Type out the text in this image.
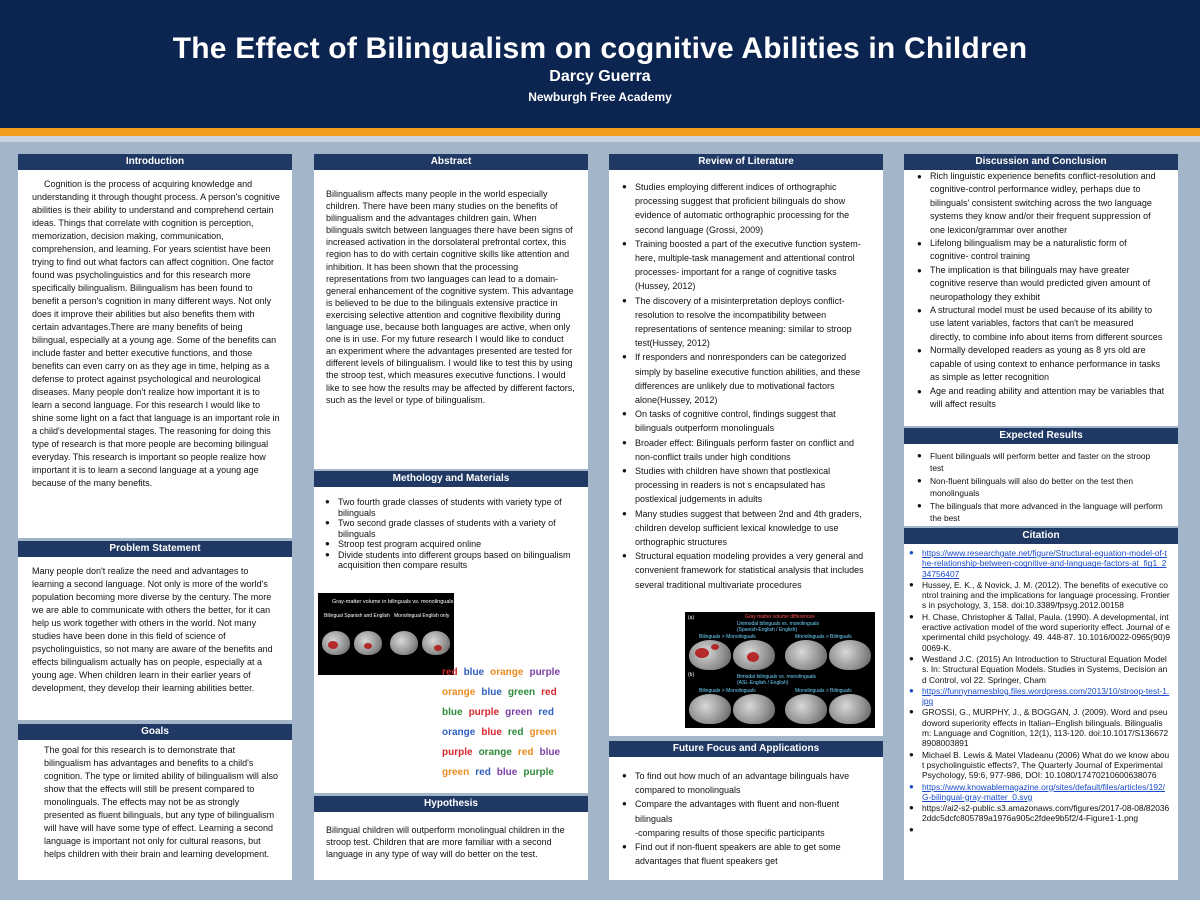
The Effect of Bilingualism on cognitive Abilities in Children
Darcy Guerra
Newburgh Free Academy
Introduction
Cognition is the process of acquiring knowledge and understanding it through thought process. A person's cognitive abilities is their ability to understand and comprehend certain ideas. Things that correlate with cognition is perception, memorization, decision making, communication, comprehension, and learning. For years scientist have been trying to find out what factors can affect cognition. One factor found was psycholinguistics and for this research more specifically bilingualism. Bilingualism has been found to benefit a person's cognition in many different ways. Not only does it improve their abilities but also benefits them with certain advantages.There are many benefits of being bilingual, especially at a young age. Some of the benefits can include faster and better executive functions, and those benefits can even carry on as they age in time, helping as a defense to protect against psychological and neurological diseases. Many people don't realize how important it is to learn a second language. For this research I would like to shine some light on a fact that language is an important role in a child's developmental stages. The reasoning for doing this type of research is that more people are becoming bilingual everyday. This research is important so people realize how important it is to learn a second language at a young age because of the many benefits.
Problem Statement
Many people don't realize the need and advantages to learning a second language. Not only is more of the world's population becoming more diverse by the century. The more we are able to communicate with others the better, for it can help us work together with others in the world. Not many studies have been done in this field of science of psycholinguistics, so not many are aware of the benefits and effects bilingualism actually has on people, especially at a young age. When children learn in their earlier years of development, they develop their learning abilities better.
Goals
The goal for this research is to demonstrate that bilingualism has advantages and benefits to a child's cognition. The type or limited ability of bilingualism will also show that the effects will still be present compared to monolinguals. The effects may not be as strongly presented as fluent bilinguals, but any type of bilingualism will have will have some type of effect. Learning a second language is important not only for cultural reasons, but helps children with their brain and learning development.
Abstract
Bilingualism affects many people in the world especially children. There have been many studies on the benefits of bilingualism and the advantages children gain. When bilinguals switch between languages there have been signs of increased activation in the dorsolateral prefrontal cortex, this region has to do with certain cognitive skills like attention and inhibition. It has been shown that the processing representations from two languages can lead to a domain-general enhancement of the cognitive system. This advantage is believed to be due to the bilinguals extensive practice in exercising selective attention and cognitive flexibility during language use, because both languages are active, when only one is in use. For my future research I would like to conduct an experiment where the advantages presented are tested for different levels of bilingualism. I would like to test this by using the stroop test, which measures executive functions. I would like to see how the results may be affected by different factors, such as the level or type of bilingualism.
Methology and Materials
● Two fourth grade classes of students with variety type of bilinguals
● Two second grade classes of students with a variety of bilinguals
● Stroop test program acquired online
● Divide students into different groups based on bilingualism acquisition then compare results
Gray-matter volume in bilinguals vs. monolinguals
Bilingual Spanish and English Monolingual English only
red blue orange purple
orange blue green red
blue purple green red
orange blue red green
purple orange red blue
green red blue purple
Hypothesis
Bilingual children will outperform monolingual children in the stroop test. Children that are more familiar with a second language in any type of way will do better on the test.
Review of Literature
● Studies employing different indices of orthographic processing suggest that proficient bilinguals do show evidence of automatic orthographic processing for the second language (Grossi, 2009)
● Training boosted a part of the executive function system- here, multiple-task management and attentional control processes- important for a range of cognitive tasks (Hussey, 2012)
● The discovery of a misinterpretation deploys conflict-resolution to resolve the incompatibility between representations of sentence meaning: similar to stroop test(Hussey, 2012)
● If responders and nonresponders can be categorized simply by baseline executive function abilities, and these differences are unlikely due to motivational factors alone(Hussey, 2012)
● On tasks of cognitive control, findings suggest that bilinguals outperform monolinguals
● Broader effect: Bilinguals perform faster on conflict and non-conflict trails under high conditions
● Studies with children have shown that postlexical processing in readers is not s encapsulated has postlexical judgements in adults
● Many studies suggest that between 2nd and 4th graders, children develop sufficient lexical knowledge to use orthographic structures
● Structural equation modeling provides a very general and convenient framework for statistical analysis that includes several traditional multivariate procedures
Gray matter volume differences
(a)
Unimodal bilinguals vs. monolinguals (Spanish-English / English)
Bilinguals > Monolinguals	Monolinguals > Bilinguals
(b)	Bimodal bilinguals vs. monolinguals (ASL-English / English)
Bilinguals > Monolinguals	Monolinguals > Bilinguals
Future Focus and Applications
● To find out how much of an advantage bilinguals have compared to monolinguals
● Compare the advantages with fluent and non-fluent bilinguals
-comparing results of those specific participants
● Find out if non-fluent speakers are able to get some advantages that fluent speakers get
Discussion and Conclusion
● Rich linguistic experience benefits conflict-resolution and cognitive-control performance widley, perhaps due to bilinguals' consistent switching across the two language systems they know and/or their frequent suppression of one lexicon/grammar over another
● Lifelong bilingualism may be a naturalistic form of cognitive- control training
● The implication is that bilinguals may have greater cognitive reserve than would predicted given amount of neuropathology they exhibit
● A structural model must be used because of its ability to use latent variables, factors that can't be measured directly, to combine info about items from different sources
● Normally developed readers as young as 8 yrs old are capable of using context to enhance performance in tasks as simple as letter recognition
● Age and reading ability and attention may be variables that will affect results
Expected Results
● Fluent bilinguals will perform better and faster on the stroop test
● Non-fluent bilinguals will also do better on the test then monolinguals
● The bilinguals that more advanced in the language will perform the best
Citation
● https://www.researchgate.net/figure/Structural-equation-model-of-the-relationship-between-cognitive-and-language-factors-at_fig1_234756407
● Hussey, E. K., & Novick, J. M. (2012). The benefits of executive control training and the implications for language processing. Frontiers in psychology, 3, 158. doi:10.3389/fpsyg.2012.00158
● H. Chase, Christopher & Tallal, Paula. (1990). A developmental, interactive activation model of the word superiority effect. Journal of experimental child psychology. 49. 448-87. 10.1016/0022-0965(90)90069-K.
● Westland J.C. (2015) An Introduction to Structural Equation Models. In: Structural Equation Models. Studies in Systems, Decision and Control, vol 22. Springer, Cham
● https://funnynamesblog.files.wordpress.com/2013/10/stroop-test-1.jpg
● GROSSI, G., MURPHY, J., & BOGGAN, J. (2009). Word and pseudoword superiority effects in Italian–English bilinguals. Bilingualism: Language and Cognition, 12(1), 113-120. doi:10.1017/S1366728908003891
● Michael B. Lewis & Matei Vladeanu (2006) What do we know about psycholinguistic effects?, The Quarterly Journal of Experimental Psychology, 59:6, 977-986, DOI: 10.1080/17470210600638076
● https://www.knowablemagazine.org/sites/default/files/articles/192/G-bilingual-gray-matter_0.svg
● https://ai2-s2-public.s3.amazonaws.com/figures/2017-08-08/820362ddc5dcfc805789a1976a905c2fdee9b5f2/4-Figure1-1.png
